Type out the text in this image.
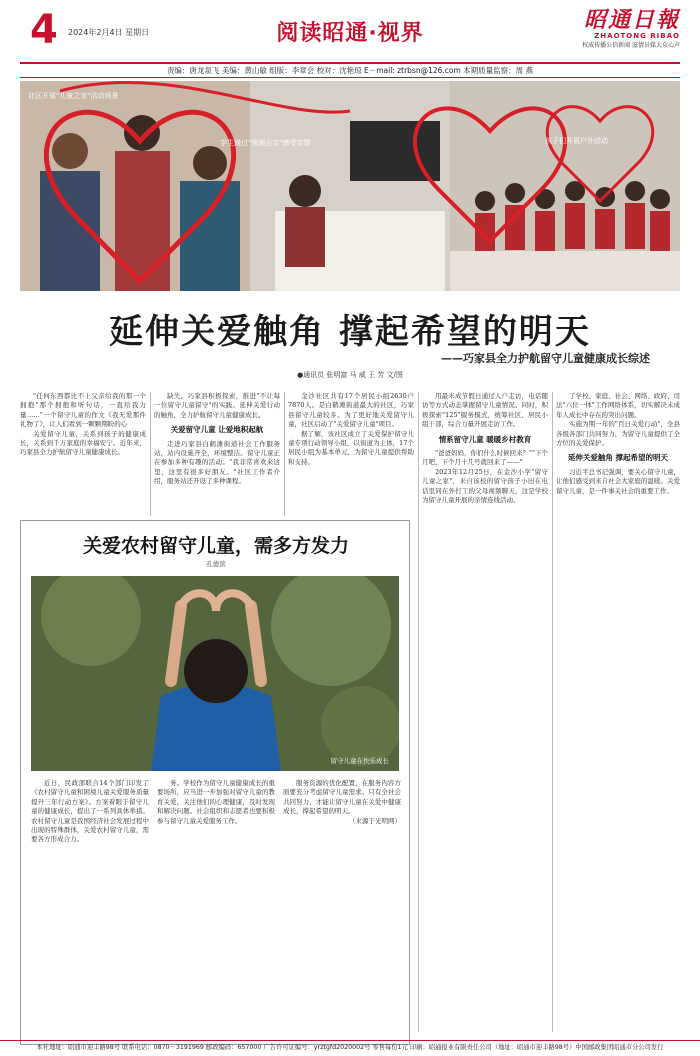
4 2024年2月4日 星期日	阅读昭通·视界
昭通日報
ZHAOTONG RIBAO
权威传播公信新闻 滋情员媒大众心声
责编：唐龙泉飞 美编：黄山敏 组版：李章会 校对：沈艳琼 E－mail: ztrbsn@126.com 本期质量监察：周 燕
社区开展"儿童之家"活动场景
学生通过"视频会亲"感受亲情	孩子们开展户外活动
延伸关爱触角 撑起希望的明天
——巧家县全力护航留守儿童健康成长综述
●通讯员 张明富 马 威 王 芳 文/图

"任何东西都比不上父亲给我的那一个拥抱"那个拥抱和听句话，一直给我力量……"一个留守儿童的作文《我无爱那件礼物了》，让人们看到一颗颗期盼的心

关爱留守儿童，关系到孩子的健康成长，关系到千万家庭的幸福安宁。近年来，巧家县全力护航留守儿童健康成长。

缺失。巧家县积极探索，推进"不让每一位留守儿童留守"的实践。延伸关爱行动的触角，全力护航留守儿童健康成长。

关爱留守儿童 让爱地积起航

走进巧家县白鹤滩街道社会工作服务站，站内设施齐全，环境整洁。留守儿童正在参加多种有趣的活动。"我非常喜欢来这里，这里有很多好朋友。"社区工作者介绍，服务站还开设了多种课程。

金沙社区共有17个居民小组2630户7870人。是白鹤滩街道最大的社区，巧家县留守儿童较多。为了更好地关爱留守儿童，社区启动了"关爱留守儿童"项目。

据了解，该社区成立了关爱保护留守儿童专项行动领导小组，以街道为主体，17个居民小组为基本单元，为留守儿童提供帮助和支持。

用最米成节假日通过人户走访，电话随访等方式动态掌握留守儿童情况。同时，积极探索"125"服务模式，统筹社区、居民小组干部，综合力量开展走访工作。

情系留守儿童 暖暖乡村教育

"爸爸妈妈，你们什么时候回来？""下个月吧，下个月十几号就回来了——"

2023年12月25日，在金沙小学"留守儿童之家"，来自该校的留守孩子小田在电话里同在外打工的父母视频聊天，这是学校为留守儿童开展的亲情连线活动。

了学校、家庭、社会、网络、政府、司法"六位一体"工作网络体系，切实解决未成年人成长中存在的突出问题。

实施为期一年的"百日关爱行动"，全县各级各部门共同努力，为留守儿童提供了全方位的关爱保护。

延伸关爱触角 撑起希望的明天

习近平总书记强调，要关心留守儿童，让他们感受到来自社会大家庭的温暖。关爱留守儿童，是一件事关社会的重要工作。

关爱农村留守儿童，需多方发力
孔德滨
留守儿童在快乐成长

近日，民政部联合14个部门印发了《农村留守儿童和困境儿童关爱服务质量提升三年行动方案》。方案着眼于留守儿童的健康成长，提出了一系列具体举措。农村留守儿童是我国经济社会发展过程中出现的特殊群体，关爱农村留守儿童，需要各方形成合力。

务。学校作为留守儿童健康成长的重要场所，应当进一步加强对留守儿童的教育关爱，关注他们的心理健康，及时发现和解决问题。社会组织和志愿者也要积极参与留守儿童关爱服务工作。

服务资源的优化配置，在服务内容方面要充分考虑留守儿童需求。只有全社会共同努力，才能让留守儿童在关爱中健康成长，撑起希望的明天。

（来源于光明网）

本社地址：昭通市迎丰路98号 联系电话：0870－3191969 邮政编码：657000 广告许可证编号：yrztgfd2020002号 零售每份1元 印刷：昭通报业有限责任公司（地址：昭通市迎丰路98号）中国邮政集团昭通市分公司发行
